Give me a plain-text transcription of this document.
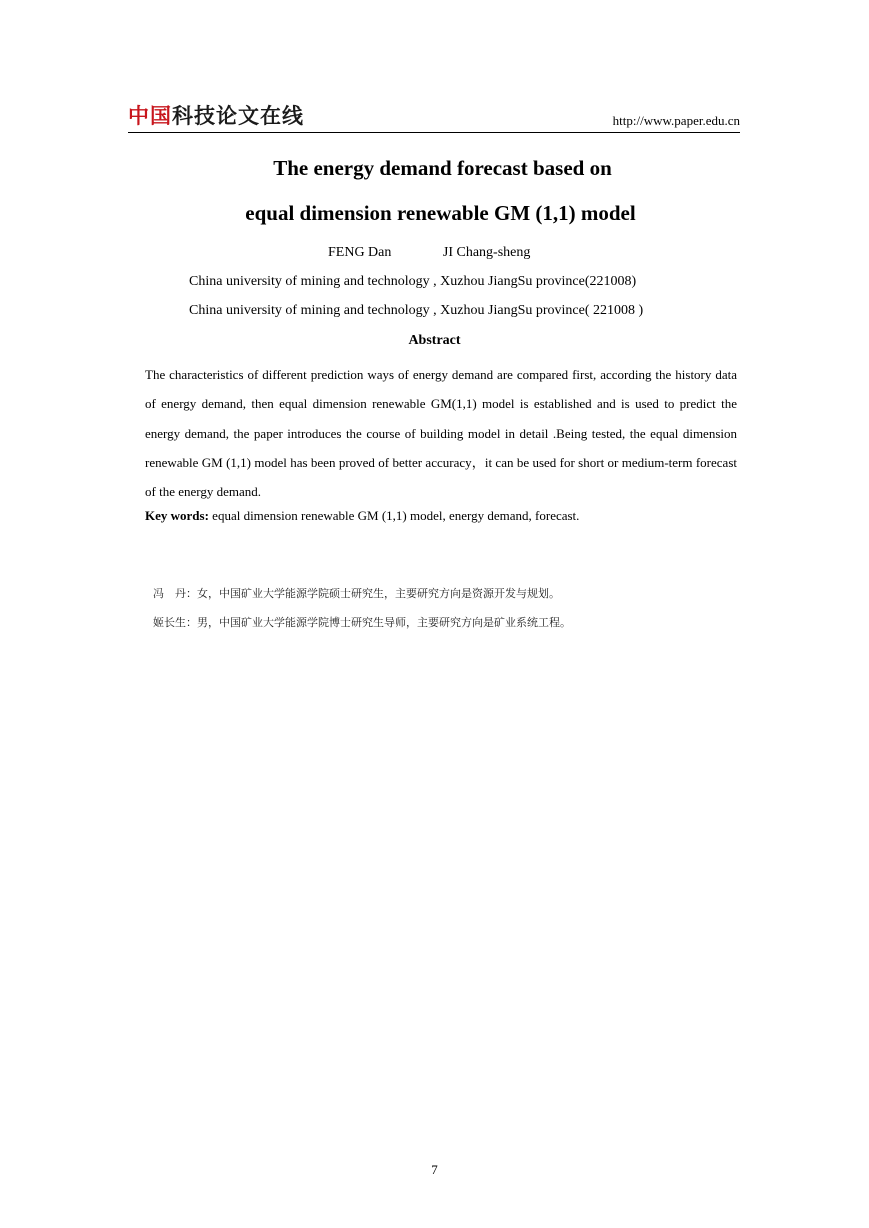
中国科技论文在线	http://www.paper.edu.cn
The energy demand forecast based on
equal dimension renewable GM (1,1) model
FENG Dan	JI Chang-sheng
China university of mining and technology , Xuzhou JiangSu province(221008)
China university of mining and technology , Xuzhou JiangSu province( 221008 )
Abstract

The characteristics of different prediction ways of energy demand are compared first, according the history data of energy demand, then equal dimension renewable GM(1,1) model is established and is used to predict the energy demand, the paper introduces the course of building model in detail .Being tested, the equal dimension renewable GM (1,1) model has been proved of better accuracy，it can be used for short or medium-term forecast of the energy demand.

Key words: equal dimension renewable GM (1,1) model, energy demand, forecast.
冯　丹：女，中国矿业大学能源学院硕士研究生，主要研究方向是资源开发与规划。
姬长生：男，中国矿业大学能源学院博士研究生导师，主要研究方向是矿业系统工程。
7
